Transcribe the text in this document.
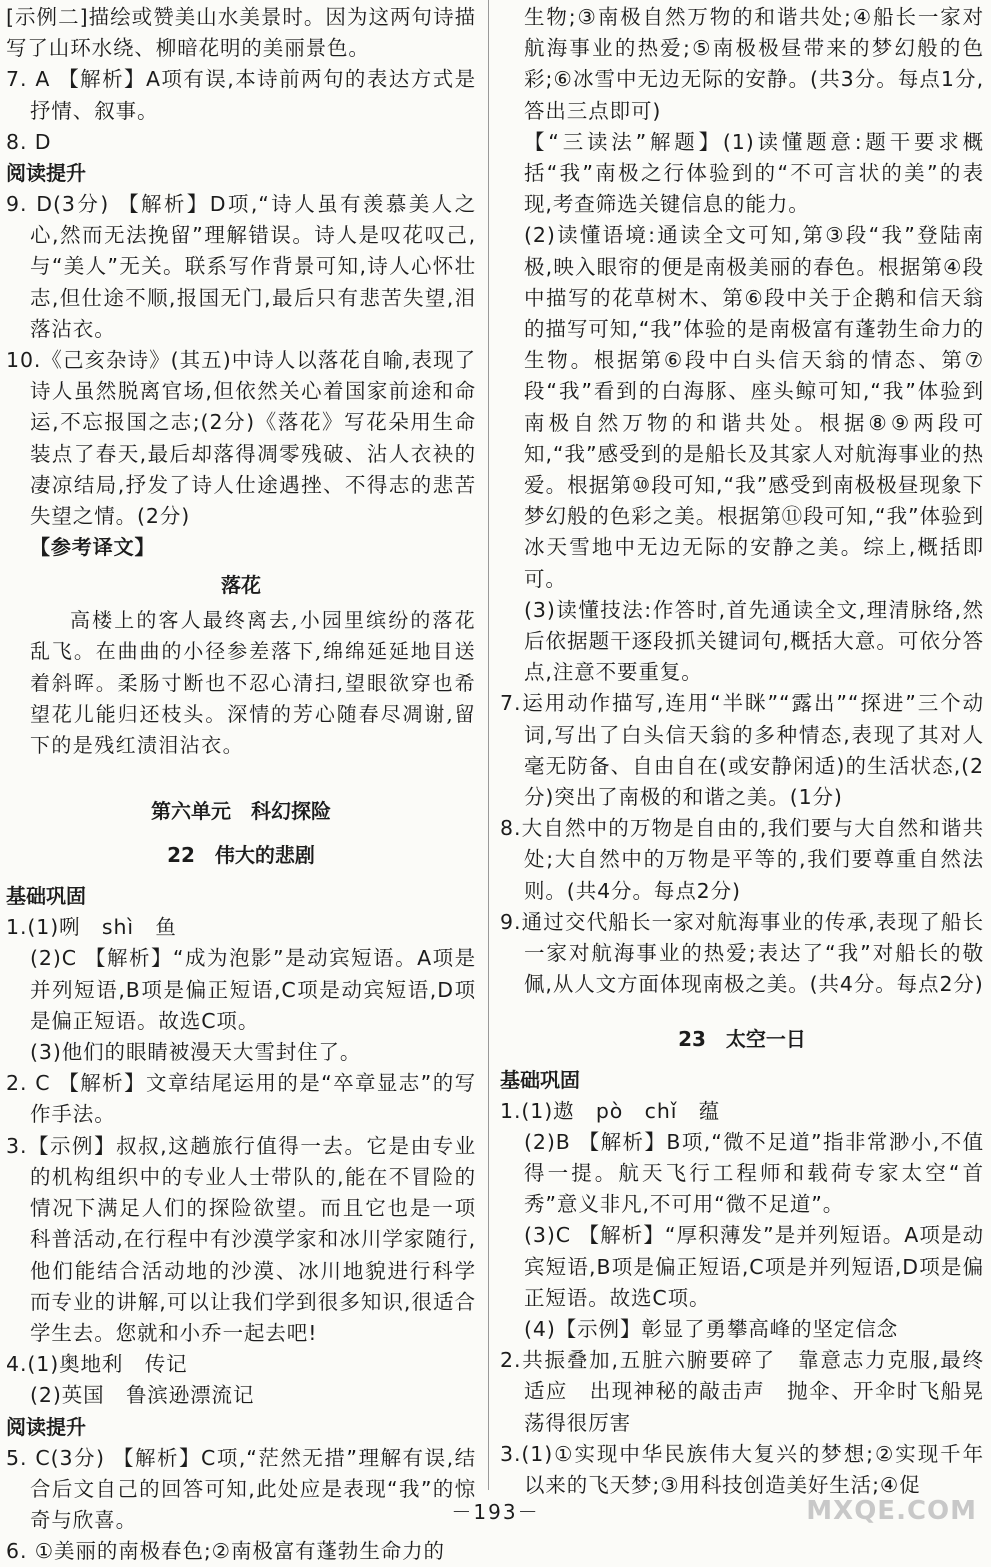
[示例二]描绘或赞美山水美景时。因为这两句诗描写了山环水绕、柳暗花明的美丽景色。

7. A 【解析】A项有误,本诗前两句的表达方式是抒情、叙事。

8. D

阅读提升

9. D(3分) 【解析】D项,“诗人虽有羡慕美人之心,然而无法挽留”理解错误。诗人是叹花叹己,与“美人”无关。联系写作背景可知,诗人心怀壮志,但仕途不顺,报国无门,最后只有悲苦失望,泪落沾衣。

10.《己亥杂诗》(其五)中诗人以落花自喻,表现了诗人虽然脱离官场,但依然关心着国家前途和命运,不忘报国之志;(2分)《落花》写花朵用生命装点了春天,最后却落得凋零残破、沾人衣袂的凄凉结局,抒发了诗人仕途遇挫、不得志的悲苦失望之情。(2分)

【参考译文】

落花

高楼上的客人最终离去,小园里缤纷的落花乱飞。在曲曲的小径参差落下,绵绵延延地目送着斜晖。柔肠寸断也不忍心清扫,望眼欲穿也希望花儿能归还枝头。深情的芳心随春尽凋谢,留下的是残红渍泪沾衣。

第六单元　科幻探险

22　伟大的悲剧

基础巩固

1.(1)咧　shì　鱼

(2)C 【解析】“成为泡影”是动宾短语。A项是并列短语,B项是偏正短语,C项是动宾短语,D项是偏正短语。故选C项。

(3)他们的眼睛被漫天大雪封住了。

2. C 【解析】文章结尾运用的是“卒章显志”的写作手法。

3.【示例】叔叔,这趟旅行值得一去。它是由专业的机构组织中的专业人士带队的,能在不冒险的情况下满足人们的探险欲望。而且它也是一项科普活动,在行程中有沙漠学家和冰川学家随行,他们能结合活动地的沙漠、冰川地貌进行科学而专业的讲解,可以让我们学到很多知识,很适合学生去。您就和小乔一起去吧!

4.(1)奥地利　传记

(2)英国　鲁滨逊漂流记

阅读提升

5. C(3分) 【解析】C项,“茫然无措”理解有误,结合后文自己的回答可知,此处应是表现“我”的惊奇与欣喜。

6. ①美丽的南极春色;②南极富有蓬勃生命力的

生物;③南极自然万物的和谐共处;④船长一家对航海事业的热爱;⑤南极极昼带来的梦幻般的色彩;⑥冰雪中无边无际的安静。(共3分。每点1分,答出三点即可)

【“三读法”解题】(1)读懂题意:题干要求概括“我”南极之行体验到的“不可言状的美”的表现,考查筛选关键信息的能力。

(2)读懂语境:通读全文可知,第③段“我”登陆南极,映入眼帘的便是南极美丽的春色。根据第④段中描写的花草树木、第⑥段中关于企鹅和信天翁的描写可知,“我”体验的是南极富有蓬勃生命力的生物。根据第⑥段中白头信天翁的情态、第⑦段“我”看到的白海豚、座头鲸可知,“我”体验到南极自然万物的和谐共处。根据⑧⑨两段可知,“我”感受到的是船长及其家人对航海事业的热爱。根据第⑩段可知,“我”感受到南极极昼现象下梦幻般的色彩之美。根据第⑪段可知,“我”体验到冰天雪地中无边无际的安静之美。综上,概括即可。

(3)读懂技法:作答时,首先通读全文,理清脉络,然后依据题干逐段抓关键词句,概括大意。可依分答点,注意不要重复。

7.运用动作描写,连用“半眯”“露出”“探进”三个动词,写出了白头信天翁的多种情态,表现了其对人毫无防备、自由自在(或安静闲适)的生活状态,(2分)突出了南极的和谐之美。(1分)

8.大自然中的万物是自由的,我们要与大自然和谐共处;大自然中的万物是平等的,我们要尊重自然法则。(共4分。每点2分)

9.通过交代船长一家对航海事业的传承,表现了船长一家对航海事业的热爱;表达了“我”对船长的敬佩,从人文方面体现南极之美。(共4分。每点2分)

23　太空一日

基础巩固

1.(1)遨　pò　chǐ　蕴

(2)B 【解析】B项,“微不足道”指非常渺小,不值得一提。航天飞行工程师和载荷专家太空“首秀”意义非凡,不可用“微不足道”。

(3)C 【解析】“厚积薄发”是并列短语。A项是动宾短语,B项是偏正短语,C项是并列短语,D项是偏正短语。故选C项。

(4)【示例】彰显了勇攀高峰的坚定信念

2.共振叠加,五脏六腑要碎了　靠意志力克服,最终适应　出现神秘的敲击声　抛伞、开伞时飞船晃荡得很厉害

3.(1)①实现中华民族伟大复兴的梦想;②实现千年以来的飞天梦;③用科技创造美好生活;④促

－193－	MXQE.COM
